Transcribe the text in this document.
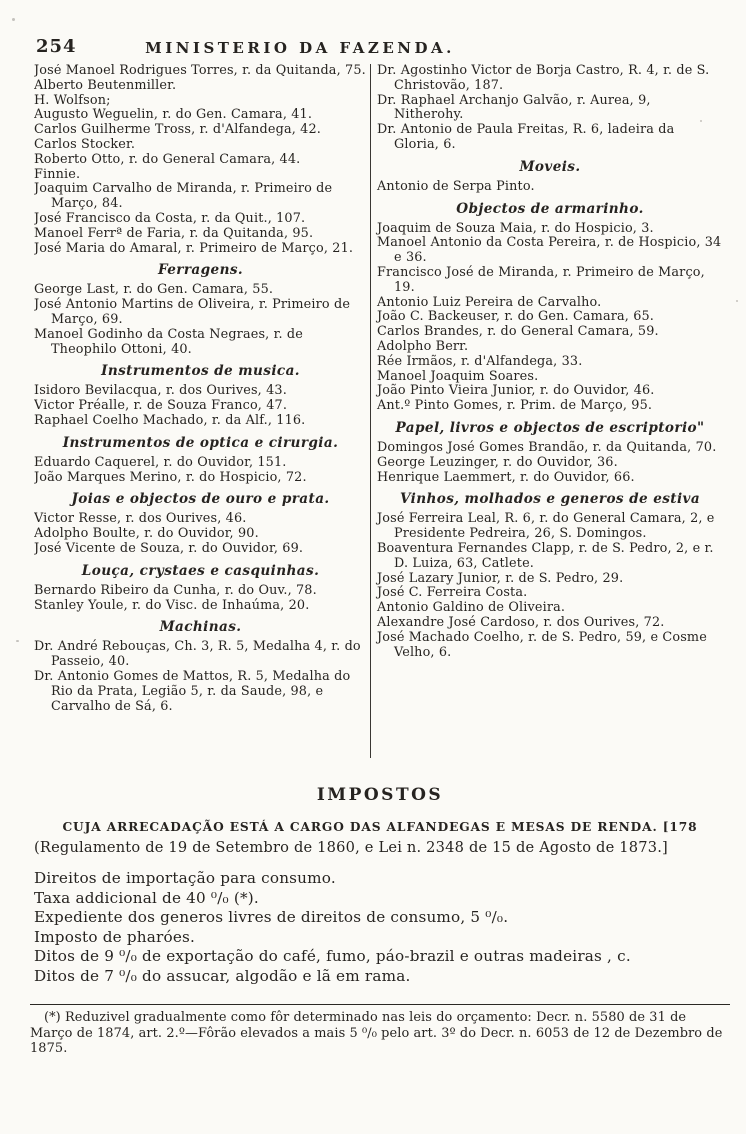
254	MINISTERIO DA FAZENDA.
José Manoel Rodrigues Torres, r. da Quitanda, 75.
Alberto Beutenmiller.
H. Wolfson;
Augusto Weguelin, r. do Gen. Camara, 41.
Carlos Guilherme Tross, r. d'Alfandega, 42.
Carlos Stocker.
Roberto Otto, r. do General Camara, 44.
Finnie.
Joaquim Carvalho de Miranda, r. Primeiro de Março, 84.
José Francisco da Costa, r. da Quit., 107.
Manoel Ferrª de Faria, r. da Quitanda, 95.
José Maria do Amaral, r. Primeiro de Março, 21.
Ferragens.
George Last, r. do Gen. Camara, 55.
José Antonio Martins de Oliveira, r. Primeiro de Março, 69.
Manoel Godinho da Costa Negraes, r. de Theophilo Ottoni, 40.
Instrumentos de musica.
Isidoro Bevilacqua, r. dos Ourives, 43.
Victor Préalle, r. de Souza Franco, 47.
Raphael Coelho Machado, r. da Alf., 116.
Instrumentos de optica e cirurgia.
Eduardo Caquerel, r. do Ouvidor, 151.
João Marques Merino, r. do Hospicio, 72.
Joias e objectos de ouro e prata.
Victor Resse, r. dos Ourives, 46.
Adolpho Boulte, r. do Ouvidor, 90.
José Vicente de Souza, r. do Ouvidor, 69.
Louça, crystaes e casquinhas.
Bernardo Ribeiro da Cunha, r. do Ouv., 78.
Stanley Youle, r. do Visc. de Inhaúma, 20.
Machinas.
Dr. André Rebouças, Ch. 3, R. 5, Medalha 4, r. do Passeio, 40.
Dr. Antonio Gomes de Mattos, R. 5, Medalha do Rio da Prata, Legião 5, r. da Saude, 98, e Carvalho de Sá, 6.
Dr. Agostinho Victor de Borja Castro, R. 4, r. de S. Christovão, 187.
Dr. Raphael Archanjo Galvão, r. Aurea, 9, Nitherohy.
Dr. Antonio de Paula Freitas, R. 6, ladeira da Gloria, 6.
Moveis.
Antonio de Serpa Pinto.
Objectos de armarinho.
Joaquim de Souza Maia, r. do Hospicio, 3.
Manoel Antonio da Costa Pereira, r. de Hospicio, 34 e 36.
Francisco José de Miranda, r. Primeiro de Março, 19.
Antonio Luiz Pereira de Carvalho.
João C. Backeuser, r. do Gen. Camara, 65.
Carlos Brandes, r. do General Camara, 59.
Adolpho Berr.
Rée Irmãos, r. d'Alfandega, 33.
Manoel Joaquim Soares.
João Pinto Vieira Junior, r. do Ouvidor, 46.
Ant.º Pinto Gomes, r. Prim. de Março, 95.
Papel, livros e objectos de escriptorio"
Domingos José Gomes Brandão, r. da Quitanda, 70.
George Leuzinger, r. do Ouvidor, 36.
Henrique Laemmert, r. do Ouvidor, 66.
Vinhos, molhados e generos de estiva
José Ferreira Leal, R. 6, r. do General Camara, 2, e Presidente Pedreira, 26, S. Domingos.
Boaventura Fernandes Clapp, r. de S. Pedro, 2, e r. D. Luiza, 63, Catlete.
José Lazary Junior, r. de S. Pedro, 29.
José C. Ferreira Costa.
Antonio Galdino de Oliveira.
Alexandre José Cardoso, r. dos Ourives, 72.
José Machado Coelho, r. de S. Pedro, 59, e Cosme Velho, 6.
IMPOSTOS
CUJA ARRECADAÇÃO ESTÁ A CARGO DAS ALFANDEGAS E MESAS DE RENDA. [178
(Regulamento de 19 de Setembro de 1860, e Lei n. 2348 de 15 de Agosto de 1873.]
Direitos de importação para consumo.
Taxa addicional de 40 ⁰/₀ (*).
Expediente dos generos livres de direitos de consumo, 5 ⁰/₀.
Imposto de pharóes.
Ditos de 9 ⁰/₀ de exportação do café, fumo, páo-brazil e outras madeiras , c.
Ditos de 7 ⁰/₀ do assucar, algodão e lã em rama.
(*) Reduzivel gradualmente como fôr determinado nas leis do orçamento: Decr. n. 5580 de 31 de Março de 1874, art. 2.º—Fôrão elevados a mais 5 ⁰/₀ pelo art. 3º do Decr. n. 6053 de 12 de Dezembro de 1875.
